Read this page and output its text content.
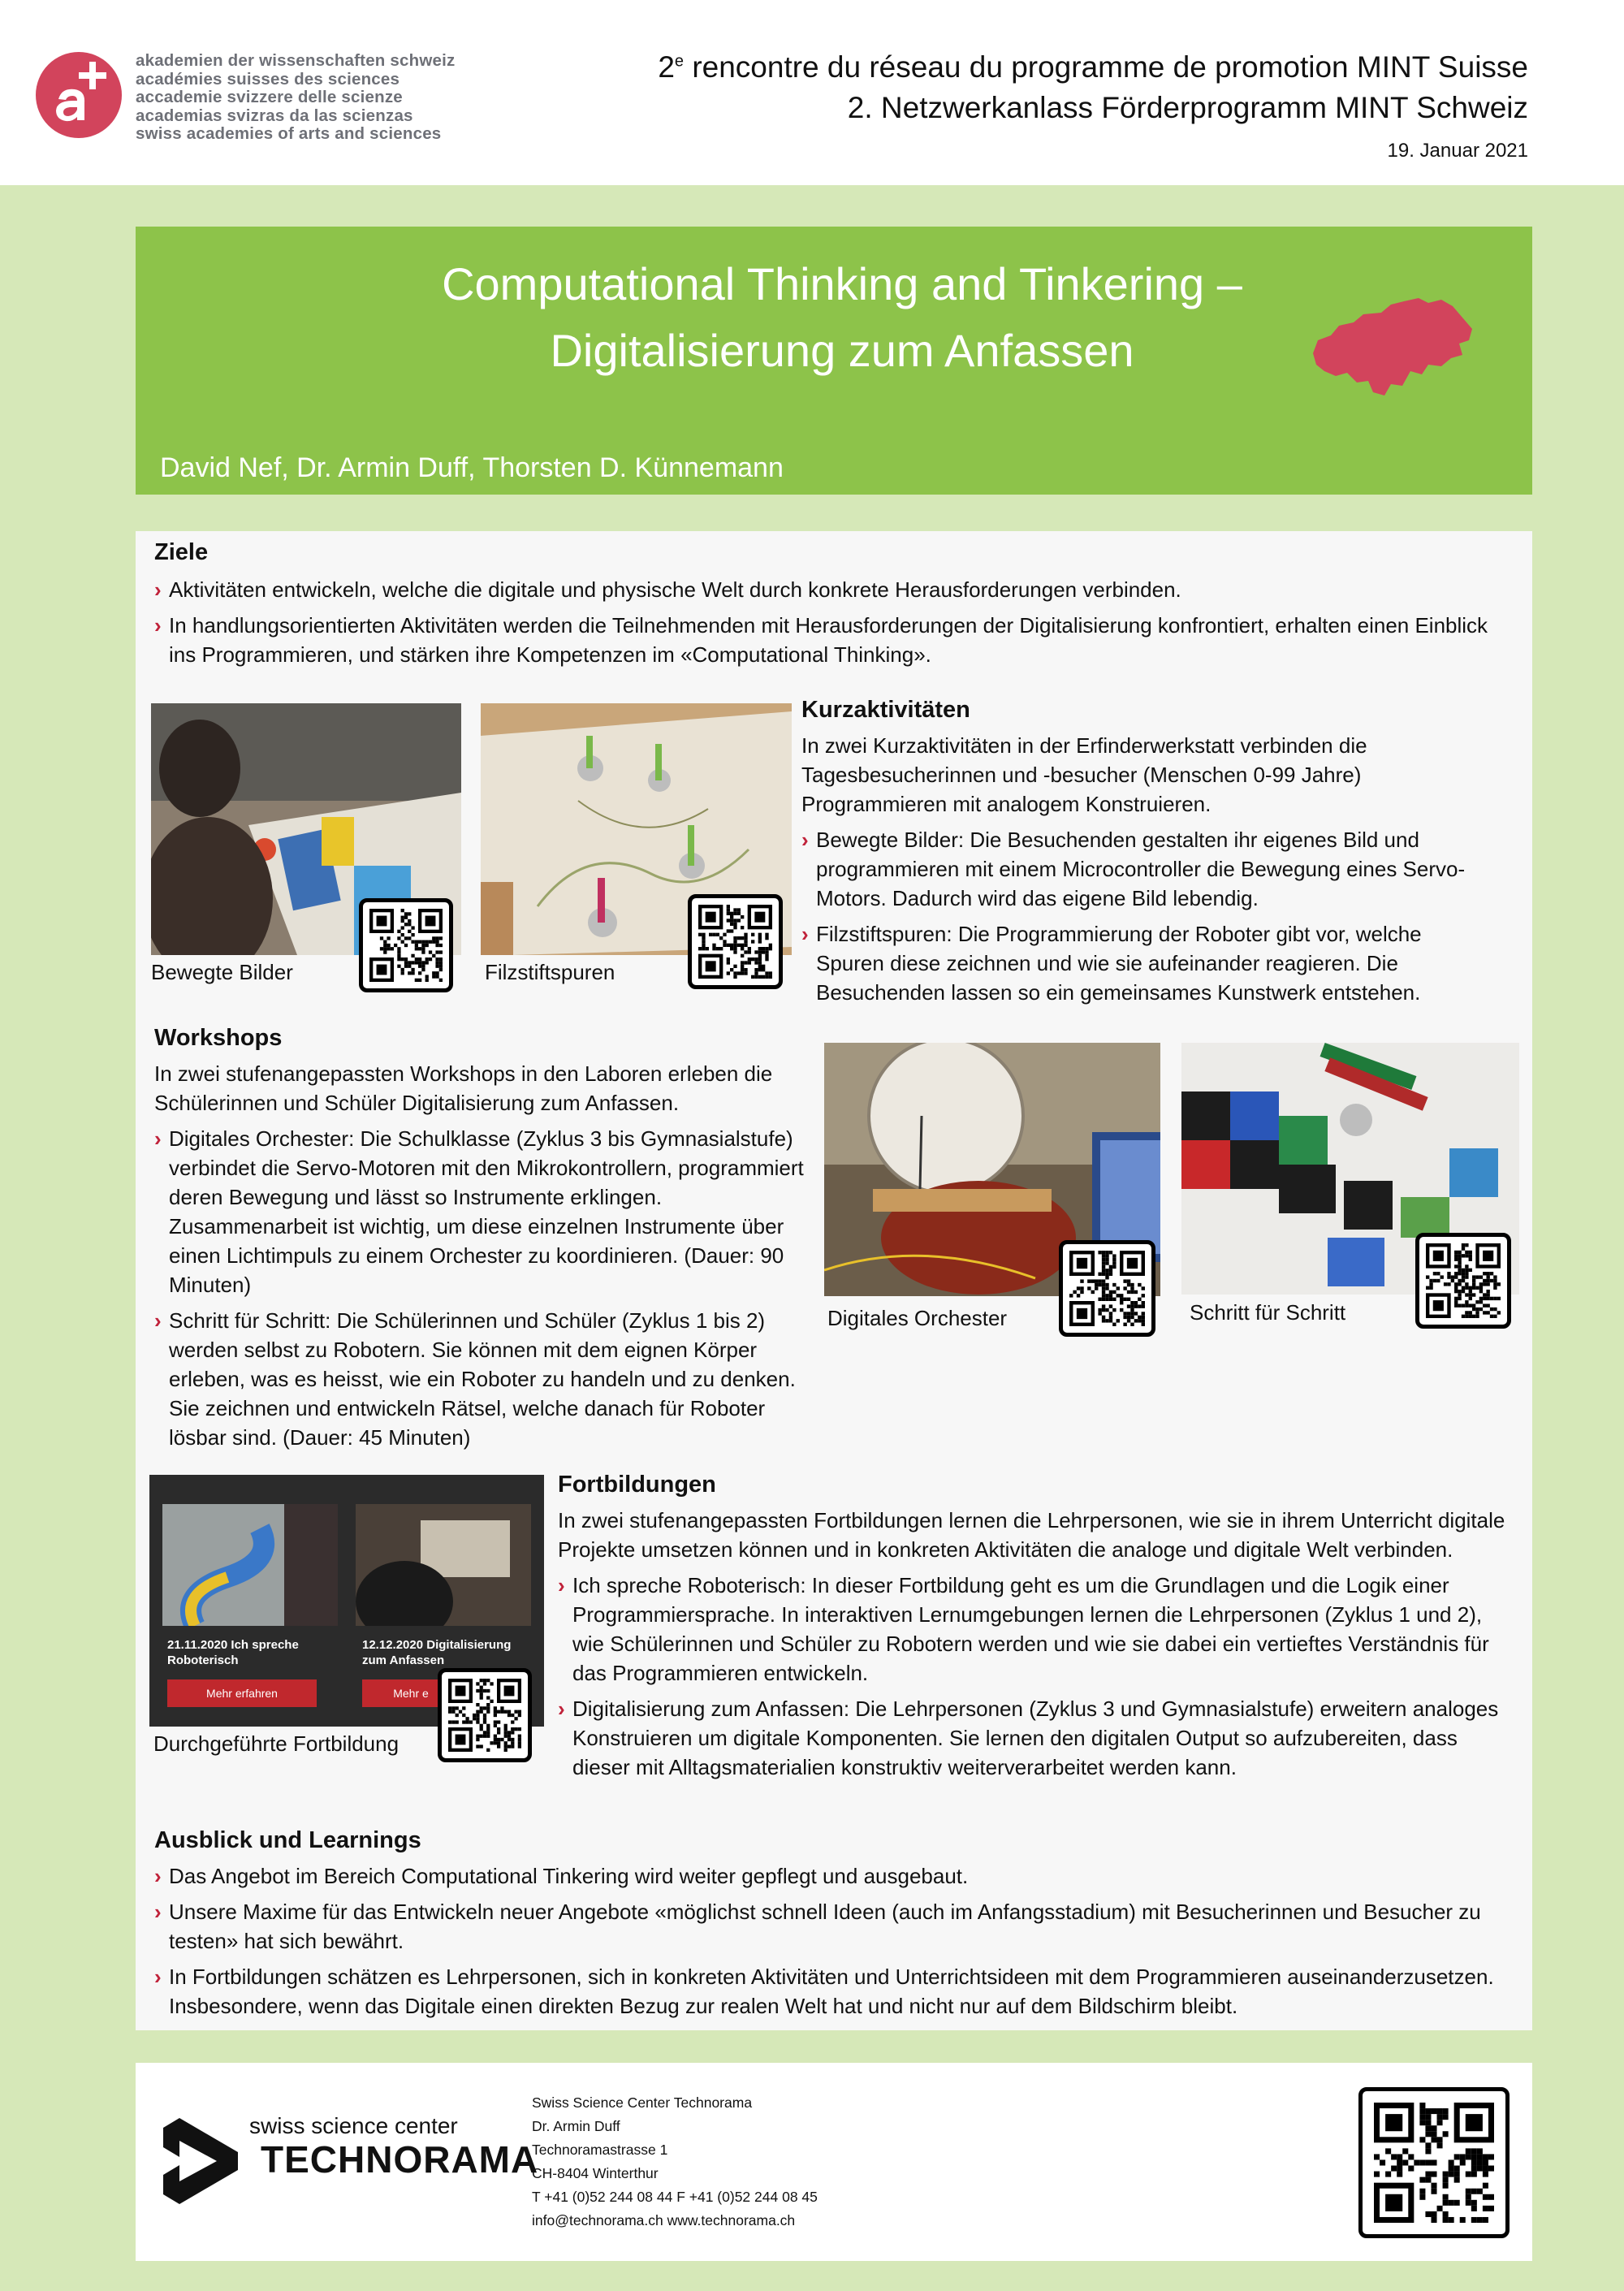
akademien der wissenschaften schweiz
académies suisses des sciences
accademie svizzere delle scienze
academias svizras da las scienzas
swiss academies of arts and sciences
2e rencontre du réseau du programme de promotion MINT Suisse
2. Netzwerkanlass Förderprogramm MINT Schweiz
19. Januar 2021
Computational Thinking and Tinkering –
Digitalisierung zum Anfassen
David Nef, Dr. Armin Duff, Thorsten D. Künnemann
Ziele
› Aktivitäten entwickeln, welche die digitale und physische Welt durch konkrete Herausforderungen verbinden.
› In handlungsorientierten Aktivitäten werden die Teilnehmenden mit Herausforderungen der Digitalisierung konfrontiert, erhalten einen Einblick ins Programmieren, und stärken ihre Kompetenzen im «Computational Thinking».
Bewegte Bilder	Filzstiftspuren
Kurzaktivitäten
In zwei Kurzaktivitäten in der Erfinderwerkstatt verbinden die Tagesbesucherinnen und -besucher (Menschen 0-99 Jahre) Programmieren mit analogem Konstruieren.
› Bewegte Bilder: Die Besuchenden gestalten ihr eigenes Bild und programmieren mit einem Microcontroller die Bewegung eines Servo-Motors. Dadurch wird das eigene Bild lebendig.
› Filzstiftspuren: Die Programmierung der Roboter gibt vor, welche Spuren diese zeichnen und wie sie aufeinander reagieren. Die Besuchenden lassen so ein gemeinsames Kunstwerk entstehen.
Workshops
In zwei stufenangepassten Workshops in den Laboren erleben die Schülerinnen und Schüler Digitalisierung zum Anfassen.
› Digitales Orchester: Die Schulklasse (Zyklus 3 bis Gymnasialstufe) verbindet die Servo-Motoren mit den Mikrokontrollern, programmiert deren Bewegung und lässt so Instrumente erklingen. Zusammenarbeit ist wichtig, um diese einzelnen Instrumente über einen Lichtimpuls zu einem Orchester zu koordinieren. (Dauer: 90 Minuten)
› Schritt für Schritt: Die Schülerinnen und Schüler (Zyklus 1 bis 2) werden selbst zu Robotern. Sie können mit dem eignen Körper erleben, was es heisst, wie ein Roboter zu handeln und zu denken. Sie zeichnen und entwickeln Rätsel, welche danach für Roboter lösbar sind. (Dauer: 45 Minuten)
Digitales Orchester	Schritt für Schritt
21.11.2020 Ich spreche Roboterisch
12.12.2020 Digitalisierung zum Anfassen
Mehr erfahren	Mehr e
Durchgeführte Fortbildung
Fortbildungen
In zwei stufenangepassten Fortbildungen lernen die Lehrpersonen, wie sie in ihrem Unterricht digitale Projekte umsetzen können und in konkreten Aktivitäten die analoge und digitale Welt verbinden.
› Ich spreche Roboterisch: In dieser Fortbildung geht es um die Grundlagen und die Logik einer Programmiersprache. In interaktiven Lernumgebungen lernen die Lehrpersonen (Zyklus 1 und 2), wie Schülerinnen und Schüler zu Robotern werden und wie sie dabei ein vertieftes Verständnis für das Programmieren entwickeln.
› Digitalisierung zum Anfassen: Die Lehrpersonen (Zyklus 3 und Gymnasialstufe) erweitern analoges Konstruieren um digitale Komponenten. Sie lernen den digitalen Output so aufzubereiten, dass dieser mit Alltagsmaterialien konstruktiv weiterverarbeitet werden kann.
Ausblick und Learnings
› Das Angebot im Bereich Computational Tinkering wird weiter gepflegt und ausgebaut.
› Unsere Maxime für das Entwickeln neuer Angebote «möglichst schnell Ideen (auch im Anfangsstadium) mit Besucherinnen und Besucher zu testen» hat sich bewährt.
› In Fortbildungen schätzen es Lehrpersonen, sich in konkreten Aktivitäten und Unterrichtsideen mit dem Programmieren auseinanderzusetzen. Insbesondere, wenn das Digitale einen direkten Bezug zur realen Welt hat und nicht nur auf dem Bildschirm bleibt.
swiss science center
TECHNORAMA
Swiss Science Center Technorama
Dr. Armin Duff
Technoramastrasse 1
CH-8404 Winterthur
T +41 (0)52 244 08 44 F +41 (0)52 244 08 45
info@technorama.ch www.technorama.ch
